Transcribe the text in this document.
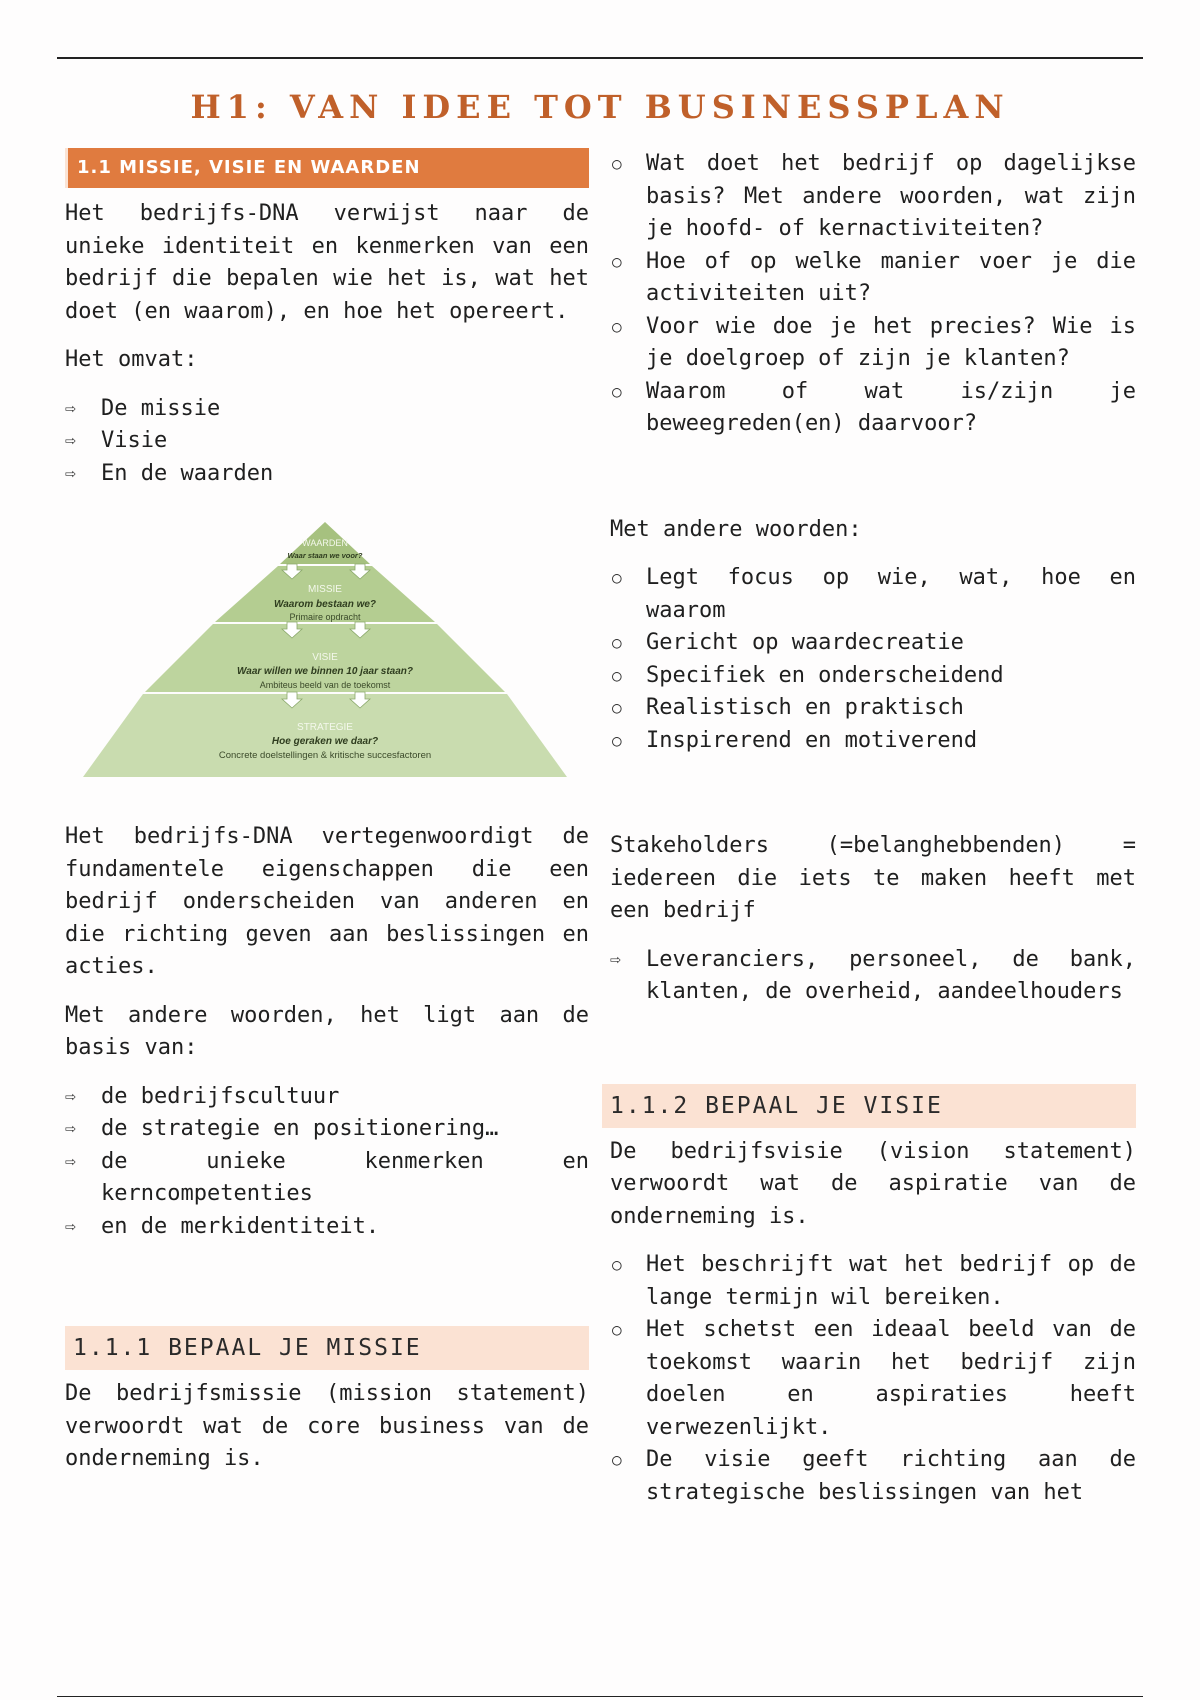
H1: VAN IDEE TOT BUSINESSPLAN
1.1 MISSIE, VISIE EN WAARDEN

Het bedrijfs-DNA verwijst naar de unieke identiteit en kenmerken van een bedrijf die bepalen wie het is, wat het doet (en waarom), en hoe het opereert.

Het omvat:

⇨	De missie
⇨	Visie
⇨	En de waarden
WAARDEN
Waar staan we voor?
MISSIE
Waarom bestaan we?
Primaire opdracht
VISIE
Waar willen we binnen 10 jaar staan?
Ambiteus beeld van de toekomst
STRATEGIE
Hoe geraken we daar?
Concrete doelstellingen & kritische succesfactoren

Het bedrijfs-DNA vertegenwoordigt de fundamentele eigenschappen die een bedrijf onderscheiden van anderen en die richting geven aan beslissingen en acties.

Met andere woorden, het ligt aan de basis van:

⇨	de bedrijfscultuur
⇨	de strategie en positionering…
⇨	de unieke kenmerken en kerncompetenties
⇨	en de merkidentiteit.
1.1.1 BEPAAL JE MISSIE

De bedrijfsmissie (mission statement) verwoordt wat de core business van de onderneming is.

○	Wat doet het bedrijf op dagelijkse basis? Met andere woorden, wat zijn je hoofd- of kernactiviteiten?
○	Hoe of op welke manier voer je die activiteiten uit?
○	Voor wie doe je het precies? Wie is je doelgroep of zijn je klanten?
○	Waarom of wat is/zijn je beweegreden(en) daarvoor?

Met andere woorden:

○	Legt focus op wie, wat, hoe en waarom
○	Gericht op waardecreatie
○	Specifiek en onderscheidend
○	Realistisch en praktisch
○	Inspirerend en motiverend

Stakeholders (=belanghebbenden) = iedereen die iets te maken heeft met een bedrijf

⇨	Leveranciers, personeel, de bank, klanten, de overheid, aandeelhouders
1.1.2 BEPAAL JE VISIE

De bedrijfsvisie (vision statement) verwoordt wat de aspiratie van de onderneming is.

○	Het beschrijft wat het bedrijf op de lange termijn wil bereiken.
○	Het schetst een ideaal beeld van de toekomst waarin het bedrijf zijn doelen en aspiraties heeft verwezenlijkt.
○	De visie geeft richting aan de strategische beslissingen van het
